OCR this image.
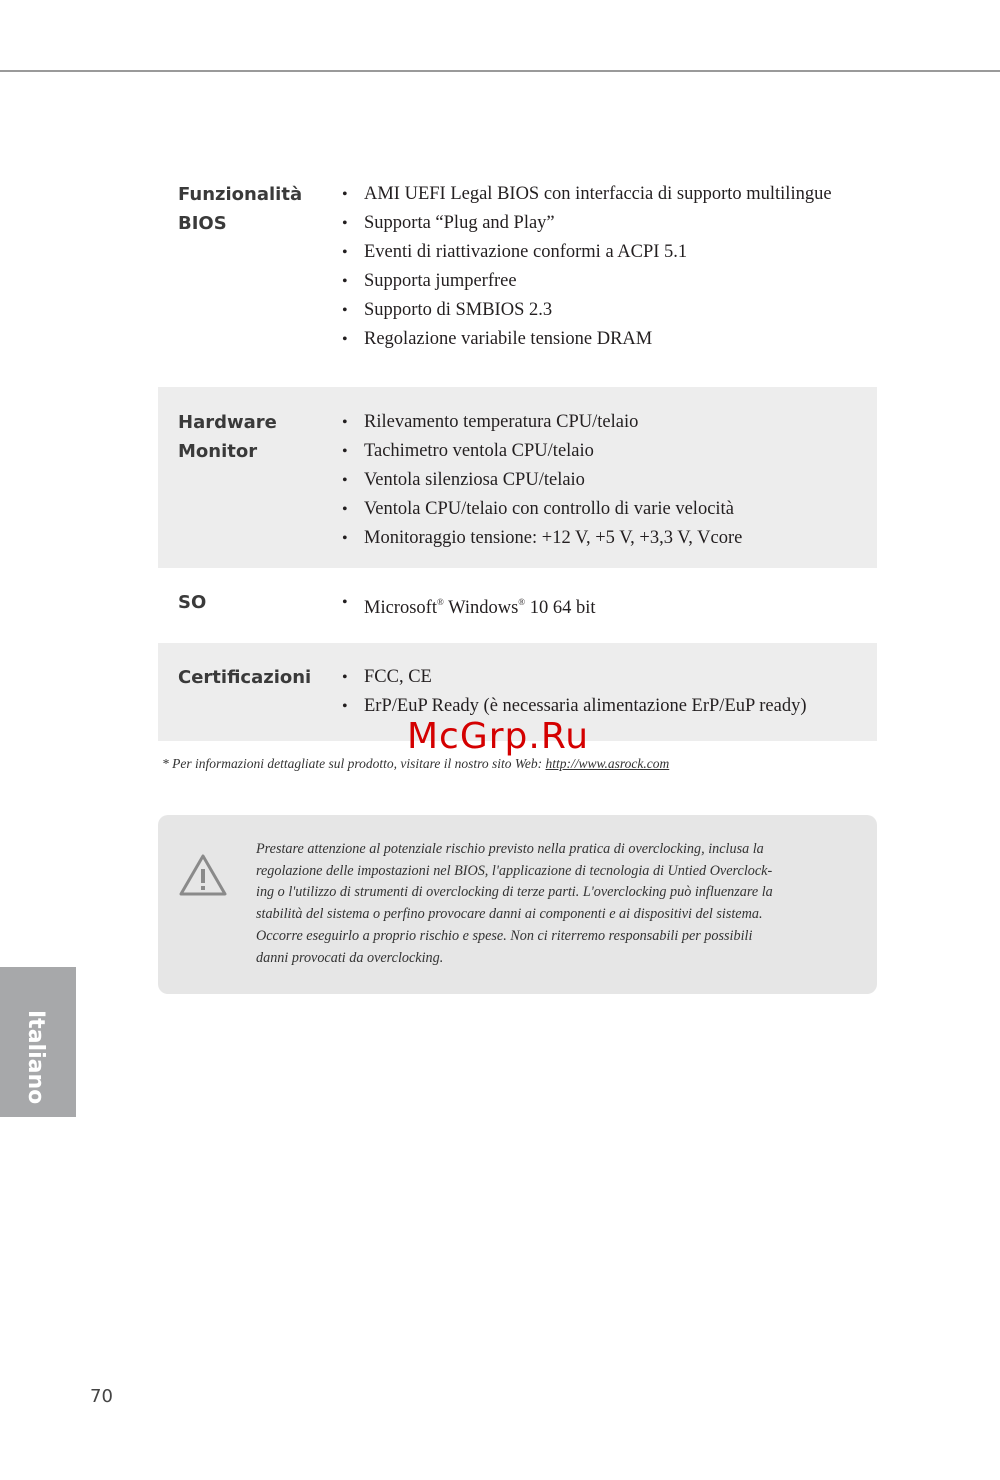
Funzionalità
BIOS
• AMI UEFI Legal BIOS con interfaccia di supporto multilingue
• Supporta “Plug and Play”
• Eventi di riattivazione conformi a ACPI 5.1
• Supporta jumperfree
• Supporto di SMBIOS 2.3
• Regolazione variabile tensione DRAM
Hardware
Monitor
• Rilevamento temperatura CPU/telaio
• Tachimetro ventola CPU/telaio
• Ventola silenziosa CPU/telaio
• Ventola CPU/telaio con controllo di varie velocità
• Monitoraggio tensione: +12 V, +5 V, +3,3 V, Vcore
SO	• Microsoft® Windows® 10 64 bit
Certificazioni	• FCC, CE
• ErP/EuP Ready (è necessaria alimentazione ErP/EuP ready)
* Per informazioni dettagliate sul prodotto, visitare il nostro sito Web: http://www.asrock.com
McGrp.Ru
Prestare attenzione al potenziale rischio previsto nella pratica di overclocking, inclusa la
regolazione delle impostazioni nel BIOS, l'applicazione di tecnologia di Untied Overclock-
ing o l'utilizzo di strumenti di overclocking di terze parti. L'overclocking può influenzare la
stabilità del sistema o perfino provocare danni ai componenti e ai dispositivi del sistema.
Occorre eseguirlo a proprio rischio e spese. Non ci riterremo responsabili per possibili
danni provocati da overclocking.
Italiano
70
